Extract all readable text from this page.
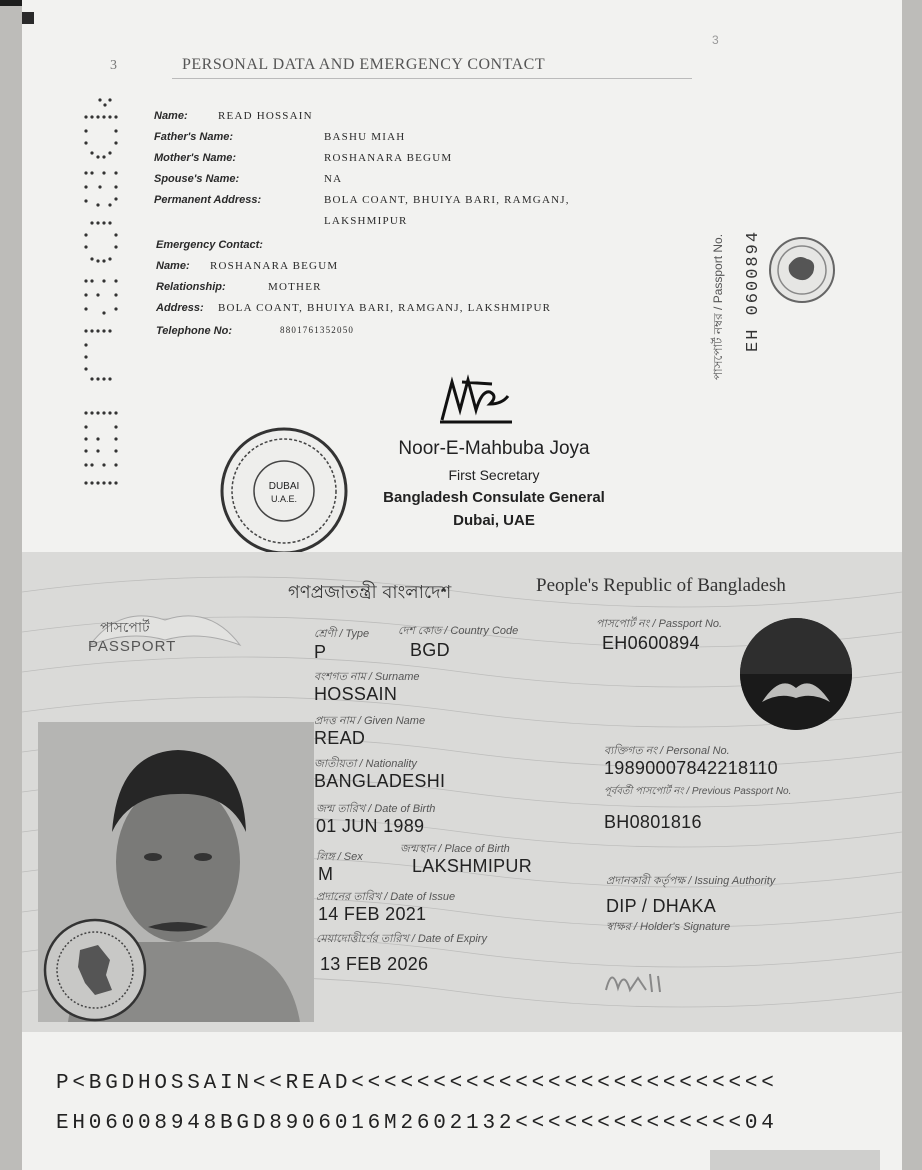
3	PERSONAL DATA AND EMERGENCY CONTACT
3
Name:	READ HOSSAIN
Father's Name:	BASHU MIAH
Mother's Name:	ROSHANARA BEGUM
Spouse's Name:	NA
Permanent Address:	BOLA COANT, BHUIYA BARI, RAMGANJ,
LAKSHMIPUR
Emergency Contact:
Name: ROSHANARA BEGUM
Relationship:	MOTHER
Address: BOLA COANT, BHUIYA BARI, RAMGANJ, LAKSHMIPUR
Telephone No:	8801761352050	পাসপোর্ট নম্বর / Passport No. EH 0600894
Noor-E-Mahbuba Joya
First Secretary
Bangladesh Consulate General
Dubai, UAE
DUBAI
U.A.E.
গণপ্রজাতন্ত্রী বাংলাদেশ	People's Republic of Bangladesh
পাসপোর্ট
PASSPORT
শ্রেণী / Type
P
দেশ কোড / Country Code
BGD
পাসপোর্ট নং / Passport No.
EH0600894
বংশগত নাম / Surname
HOSSAIN
প্রদত্ত নাম / Given Name
READ
জাতীয়তা / Nationality
BANGLADESHI
ব্যক্তিগত নং / Personal No.
19890007842218110
জন্ম তারিখ / Date of Birth
01 JUN 1989
পূর্ববর্তী পাসপোর্ট নং / Previous Passport No.
BH0801816
লিঙ্গ / Sex
M
জন্মস্থান / Place of Birth
LAKSHMIPUR
প্রদানের তারিখ / Date of Issue
14 FEB 2021
প্রদানকারী কর্তৃপক্ষ / Issuing Authority
DIP / DHAKA
স্বাক্ষর / Holder's Signature
মেয়াদোত্তীর্ণের তারিখ / Date of Expiry
13 FEB 2026
P<BGDHOSSAIN<<READ<<<<<<<<<<<<<<<<<<<<<<<<<<
EH06008948BGD8906016M2602132<<<<<<<<<<<<<<04
